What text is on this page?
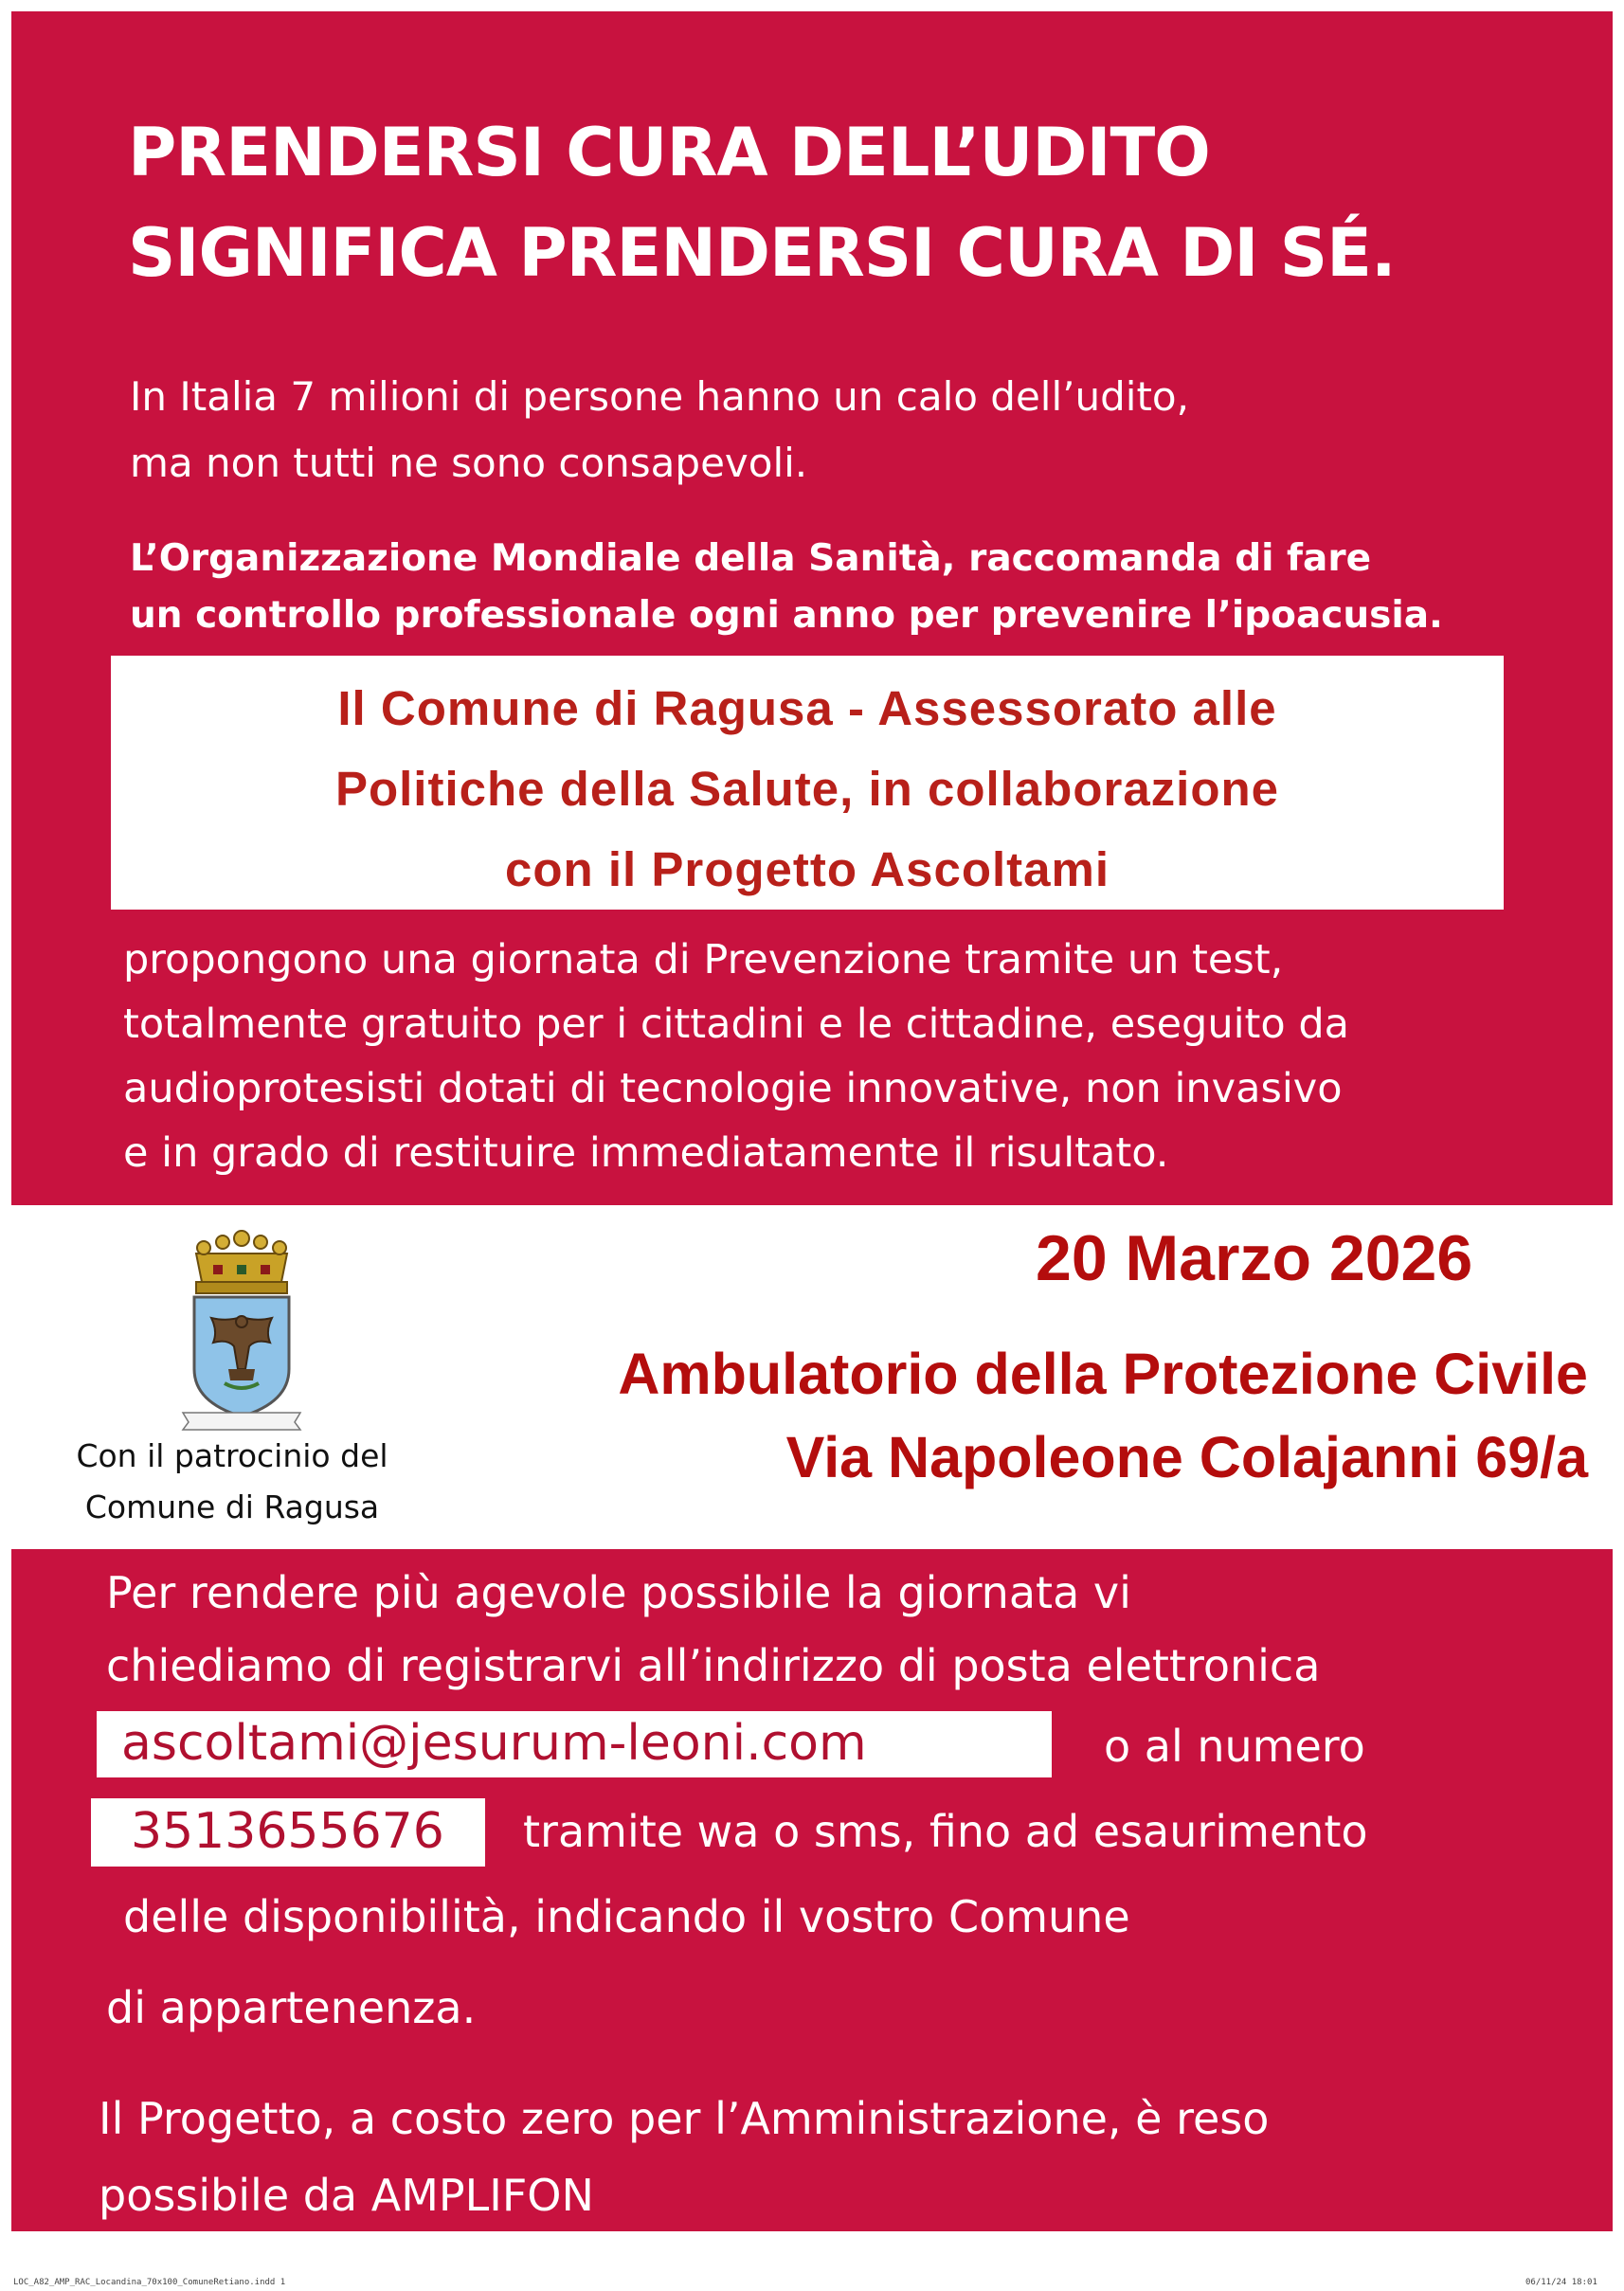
PRENDERSI CURA DELL’UDITO
SIGNIFICA PRENDERSI CURA DI SÉ.
In Italia 7 milioni di persone hanno un calo dell’udito,
ma non tutti ne sono consapevoli.
L’Organizzazione Mondiale della Sanità, raccomanda di fare
un controllo professionale ogni anno per prevenire l’ipoacusia.
Il Comune di Ragusa - Assessorato alle
Politiche della Salute, in collaborazione
con il Progetto Ascoltami
propongono una giornata di Prevenzione tramite un test,
totalmente gratuito per i cittadini e le cittadine, eseguito da
audioprotesisti dotati di tecnologie innovative, non invasivo
e in grado di restituire immediatamente il risultato.
Con il patrocinio del
Comune di Ragusa
20 Marzo 2026
Ambulatorio della Protezione Civile
Via Napoleone Colajanni 69/a
Per rendere più agevole possibile la giornata vi
chiediamo di registrarvi all’indirizzo di posta elettronica
ascoltami@jesurum-leoni.com	o al numero
3513655676 tramite wa o sms, fino ad esaurimento
delle disponibilità, indicando il vostro Comune
di appartenenza.
Il Progetto, a costo zero per l’Amministrazione, è reso
possibile da AMPLIFON
LOC_A82_AMP_RAC_Locandina_70x100_ComuneRetiano.indd 1	06/11/24 18:01
